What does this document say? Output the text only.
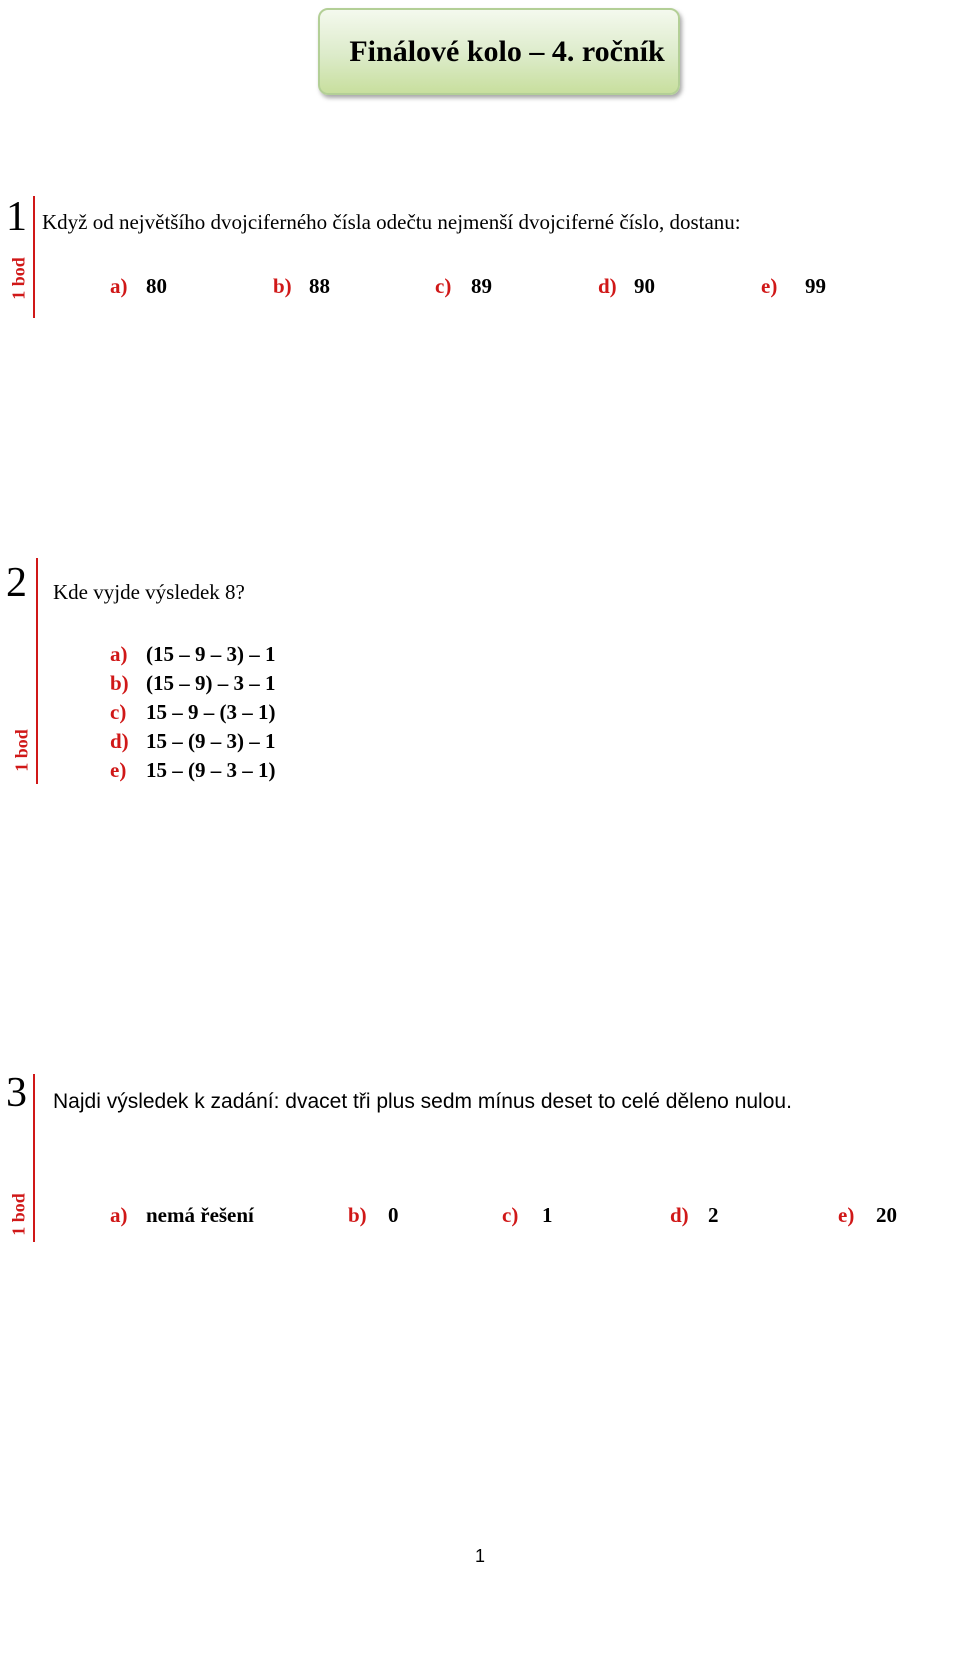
Finálové kolo – 4. ročník
1
1 bod
Když od největšího dvojciferného čísla odečtu nejmenší dvojciferné číslo, dostanu:
a) 80	b) 88	c) 89	d) 90	e) 99
2
1 bod
Kde vyjde výsledek 8?
a) (15 – 9 – 3) – 1
b) (15 – 9) – 3 – 1
c) 15 – 9 – (3 – 1)
d) 15 – (9 – 3) – 1
e) 15 – (9 – 3 – 1)
3
1 bod
Najdi výsledek k zadání: dvacet tři plus sedm mínus deset to celé děleno nulou.
a) nemá řešení	b) 0	c) 1	d) 2	e) 20
1
